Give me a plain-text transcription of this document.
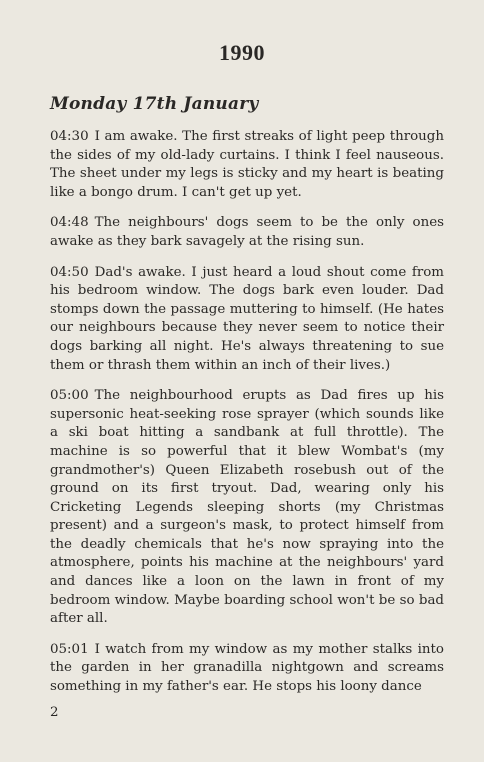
1990
Monday 17th January

04:30 I am awake. The first streaks of light peep through the sides of my old-lady curtains. I think I feel nauseous. The sheet under my legs is sticky and my heart is beating like a bongo drum. I can't get up yet.

04:48 The neighbours' dogs seem to be the only ones awake as they bark savagely at the rising sun.

04:50 Dad's awake. I just heard a loud shout come from his bedroom window. The dogs bark even louder. Dad stomps down the passage muttering to himself. (He hates our neighbours because they never seem to notice their dogs barking all night. He's always threatening to sue them or thrash them within an inch of their lives.)

05:00 The neighbourhood erupts as Dad fires up his supersonic heat-seeking rose sprayer (which sounds like a ski boat hitting a sandbank at full throttle). The machine is so powerful that it blew Wombat's (my grandmother's) Queen Elizabeth rosebush out of the ground on its first tryout. Dad, wearing only his Cricketing Legends sleeping shorts (my Christmas present) and a surgeon's mask, to protect himself from the deadly chemicals that he's now spraying into the atmosphere, points his machine at the neighbours' yard and dances like a loon on the lawn in front of my bedroom window. Maybe boarding school won't be so bad after all.

05:01 I watch from my window as my mother stalks into the garden in her granadilla nightgown and screams something in my father's ear. He stops his loony dance

2
